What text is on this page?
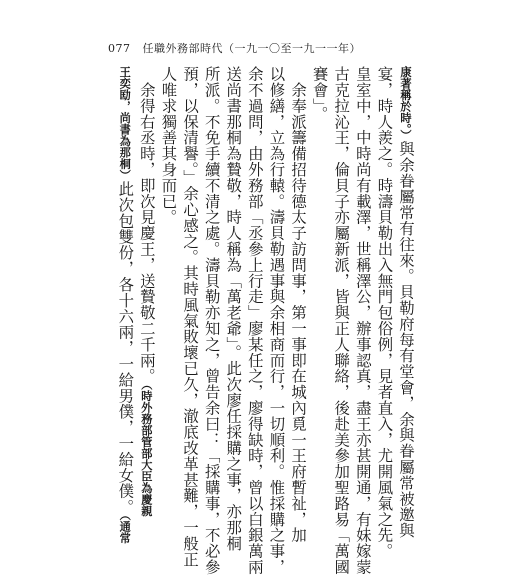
077 任職外務部時代（一九一〇至一九一一年）
康著稱於時。）與余眷屬常有往來。貝勒府每有堂會，余與眷屬常被邀與
宴，時人羨之。時濤貝勒出入無門包俗例，見者直入，尤開風氣之先。
皇室中，中時尚有載澤，世稱澤公，辦事認真，盡王亦甚開通，有妹嫁蒙
古克拉沁王，倫貝子亦屬新派，皆與正人聯絡，後赴美參加聖路易「萬國
賽會」。
　余奉派籌備招待德太子訪問事，第一事即在城內覓一王府暫祉，加
以修繕，立為行轅。濤貝勒遇事與余相商而行，一切順利。惟採購之事，
余不過問，由外務部「丞參上行走」廖某任之，廖得缺時，曾以白銀萬兩
送尚書那桐為贄敬，時人稱為「萬老爺」。此次廖任採購之事，亦那桐
所派。不免手續不清之處。濤貝勒亦知之，曾告余曰：「採購事，不必參
預，以保清譽。」余心感之。其時風氣敗壞已久，澈底改革甚難，一般正
人唯求獨善其身而已。
　余得右丞時，即次見慶王，送贄敬二千兩。（時外務部管部大臣為慶親
王奕劻，尚書為那桐）此次包雙份，各十六兩，一給男僕，一給女僕。（通常
